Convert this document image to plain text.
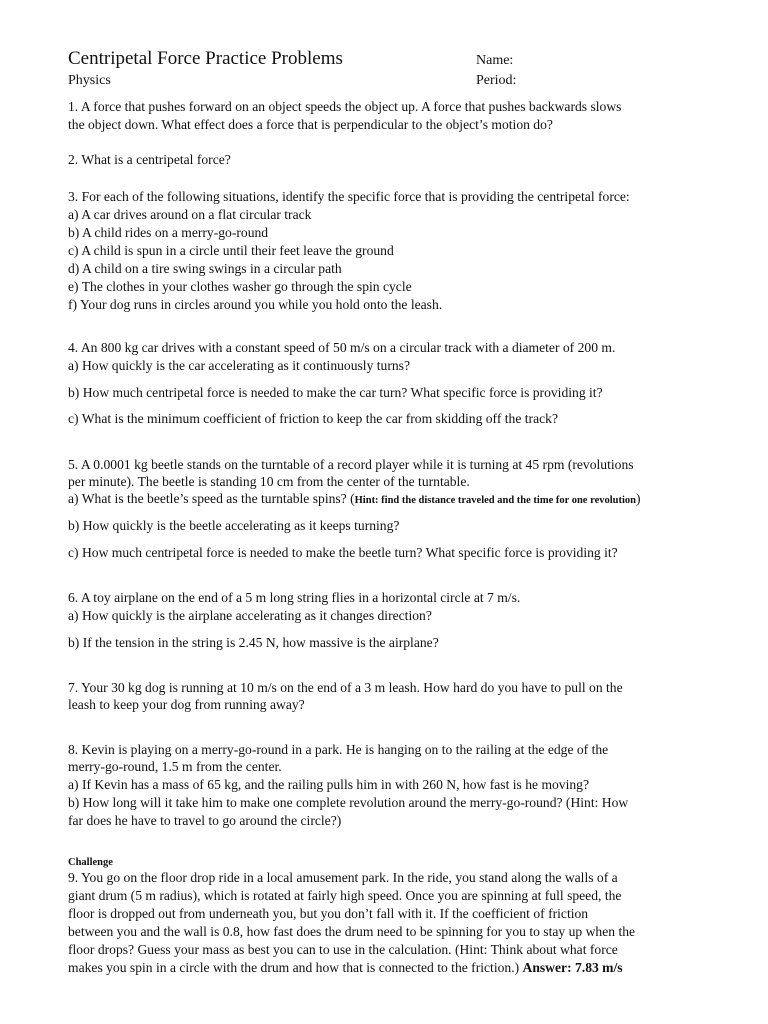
Centripetal Force Practice Problems
Physics
Name:
Period:
1. A force that pushes forward on an object speeds the object up. A force that pushes backwards slows
the object down. What effect does a force that is perpendicular to the object’s motion do?
2. What is a centripetal force?
3. For each of the following situations, identify the specific force that is providing the centripetal force:
a) A car drives around on a flat circular track
b) A child rides on a merry-go-round
c) A child is spun in a circle until their feet leave the ground
d) A child on a tire swing swings in a circular path
e) The clothes in your clothes washer go through the spin cycle
f) Your dog runs in circles around you while you hold onto the leash.
4. An 800 kg car drives with a constant speed of 50 m/s on a circular track with a diameter of 200 m.
a) How quickly is the car accelerating as it continuously turns?
b) How much centripetal force is needed to make the car turn? What specific force is providing it?
c) What is the minimum coefficient of friction to keep the car from skidding off the track?
5. A 0.0001 kg beetle stands on the turntable of a record player while it is turning at 45 rpm (revolutions
per minute). The beetle is standing 10 cm from the center of the turntable.
a) What is the beetle’s speed as the turntable spins? (Hint: find the distance traveled and the time for one revolution)
b) How quickly is the beetle accelerating as it keeps turning?
c) How much centripetal force is needed to make the beetle turn? What specific force is providing it?
6. A toy airplane on the end of a 5 m long string flies in a horizontal circle at 7 m/s.
a) How quickly is the airplane accelerating as it changes direction?
b) If the tension in the string is 2.45 N, how massive is the airplane?
7. Your 30 kg dog is running at 10 m/s on the end of a 3 m leash. How hard do you have to pull on the
leash to keep your dog from running away?
8. Kevin is playing on a merry-go-round in a park. He is hanging on to the railing at the edge of the
merry-go-round, 1.5 m from the center.
a) If Kevin has a mass of 65 kg, and the railing pulls him in with 260 N, how fast is he moving?
b) How long will it take him to make one complete revolution around the merry-go-round? (Hint: How
far does he have to travel to go around the circle?)
Challenge
9. You go on the floor drop ride in a local amusement park. In the ride, you stand along the walls of a
giant drum (5 m radius), which is rotated at fairly high speed. Once you are spinning at full speed, the
floor is dropped out from underneath you, but you don’t fall with it. If the coefficient of friction
between you and the wall is 0.8, how fast does the drum need to be spinning for you to stay up when the
floor drops? Guess your mass as best you can to use in the calculation. (Hint: Think about what force
makes you spin in a circle with the drum and how that is connected to the friction.) Answer: 7.83 m/s
